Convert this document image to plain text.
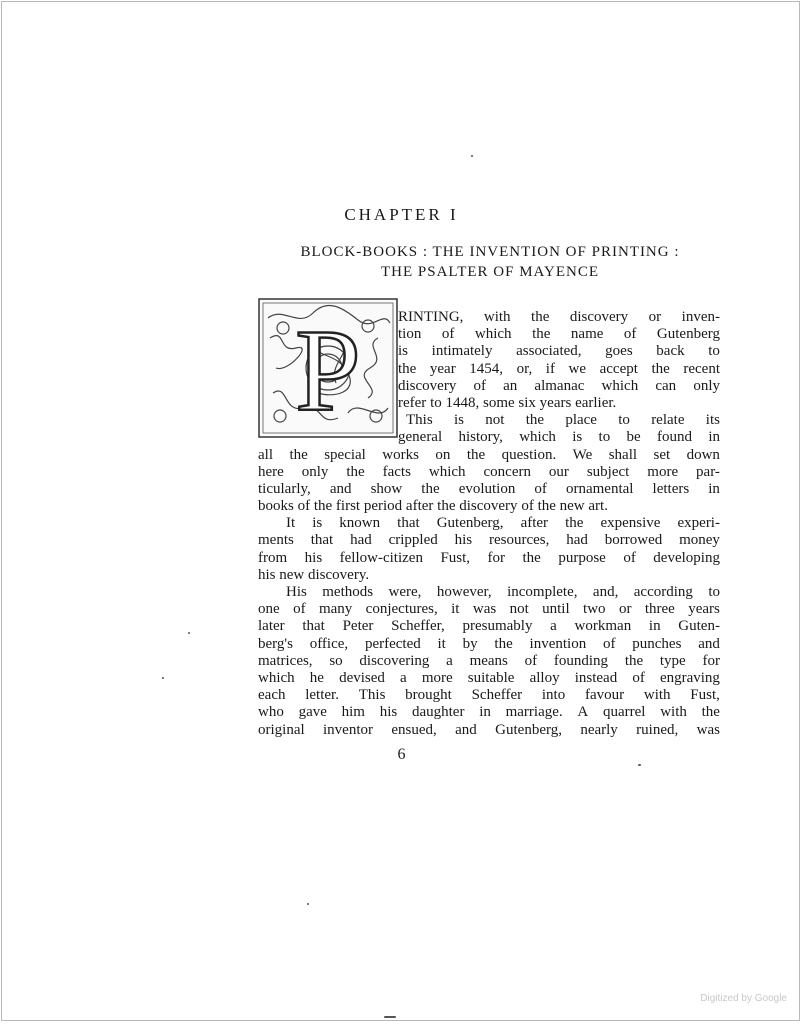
CHAPTER I
BLOCK-BOOKS : THE INVENTION OF PRINTING :
THE PSALTER OF MAYENCE
P RINTING, with the discovery or inven-
tion of which the name of Gutenberg
is intimately associated, goes back to
the year 1454, or, if we accept the recent
discovery of an almanac which can only
refer to 1448, some six years earlier.
This is not the place to relate its
general history, which is to be found in
all the special works on the question. We shall set down
here only the facts which concern our subject more par-
ticularly, and show the evolution of ornamental letters in
books of the first period after the discovery of the new art.
It is known that Gutenberg, after the expensive experi-
ments that had crippled his resources, had borrowed money
from his fellow-citizen Fust, for the purpose of developing
his new discovery.
His methods were, however, incomplete, and, according to
one of many conjectures, it was not until two or three years
later that Peter Scheffer, presumably a workman in Guten-
berg's office, perfected it by the invention of punches and
matrices, so discovering a means of founding the type for
which he devised a more suitable alloy instead of engraving
each letter. This brought Scheffer into favour with Fust,
who gave him his daughter in marriage. A quarrel with the
original inventor ensued, and Gutenberg, nearly ruined, was
6
Digitized by Google
